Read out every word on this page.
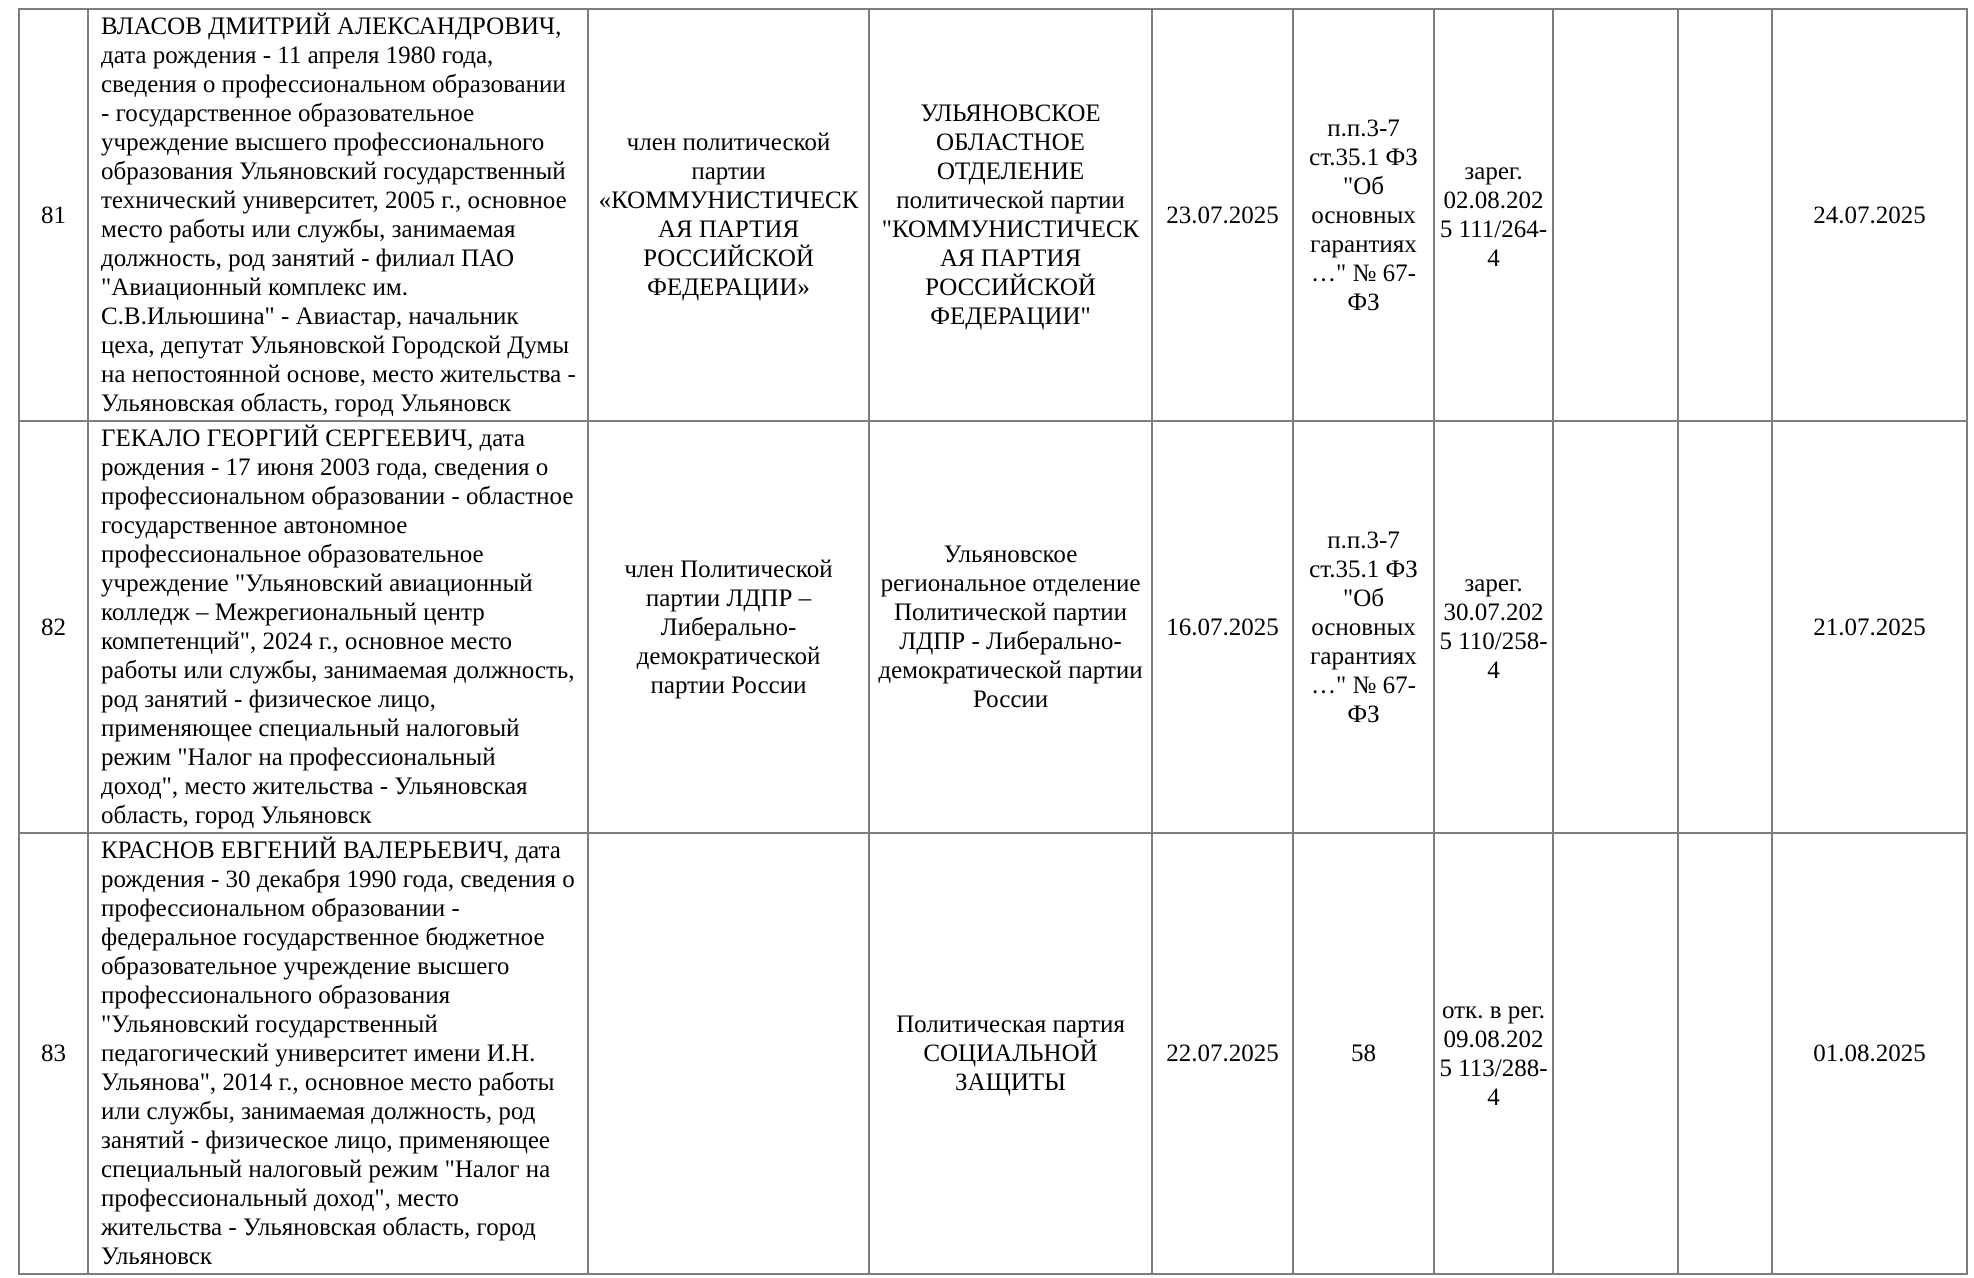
81	ВЛАСОВ ДМИТРИЙ АЛЕКСАНДРОВИЧ, дата рождения - 11 апреля 1980 года, сведения о профессиональном образовании - государственное образовательное учреждение высшего профессионального образования Ульяновский государственный технический университет, 2005 г., основное место работы или службы, занимаемая должность, род занятий - филиал ПАО "Авиационный комплекс им. С.В.Ильюшина" - Авиастар, начальник цеха, депутат Ульяновской Городской Думы на непостоянной основе, место жительства - Ульяновская область, город Ульяновск	член политической партии «КОММУНИСТИЧЕСКАЯ ПАРТИЯ РОССИЙСКОЙ ФЕДЕРАЦИИ»	УЛЬЯНОВСКОЕ ОБЛАСТНОЕ ОТДЕЛЕНИЕ политической партии "КОММУНИСТИЧЕСКАЯ ПАРТИЯ РОССИЙСКОЙ ФЕДЕРАЦИИ"	23.07.2025	п.п.3-7 ст.35.1 ФЗ "Об основных гарантиях …" № 67-ФЗ	зарег. 02.08.2025 111/264-4			24.07.2025
82	ГЕКАЛО ГЕОРГИЙ СЕРГЕЕВИЧ, дата рождения - 17 июня 2003 года, сведения о профессиональном образовании - областное государственное автономное профессиональное образовательное учреждение "Ульяновский авиационный колледж – Межрегиональный центр компетенций", 2024 г., основное место работы или службы, занимаемая должность, род занятий - физическое лицо, применяющее специальный налоговый режим "Налог на профессиональный доход", место жительства - Ульяновская область, город Ульяновск	член Политической партии ЛДПР – Либерально-демократической партии России	Ульяновское региональное отделение Политической партии ЛДПР - Либерально-демократической партии России	16.07.2025	п.п.3-7 ст.35.1 ФЗ "Об основных гарантиях …" № 67-ФЗ	зарег. 30.07.2025 110/258-4			21.07.2025
83	КРАСНОВ ЕВГЕНИЙ ВАЛЕРЬЕВИЧ, дата рождения - 30 декабря 1990 года, сведения о профессиональном образовании - федеральное государственное бюджетное образовательное учреждение высшего профессионального образования "Ульяновский государственный педагогический университет имени И.Н. Ульянова", 2014 г., основное место работы или службы, занимаемая должность, род занятий - физическое лицо, применяющее специальный налоговый режим "Налог на профессиональный доход", место жительства - Ульяновская область, город Ульяновск		Политическая партия СОЦИАЛЬНОЙ ЗАЩИТЫ	22.07.2025	58	отк. в рег. 09.08.2025 113/288-4			01.08.2025
